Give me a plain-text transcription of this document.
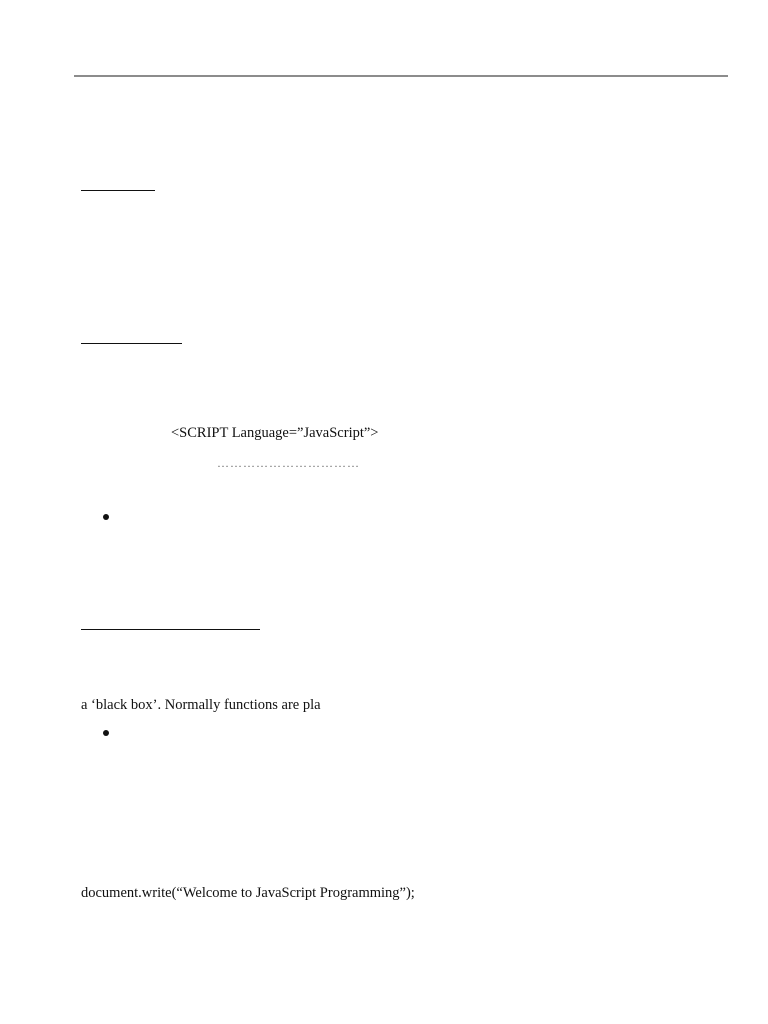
<SCRIPT Language=”JavaScript”>
……………………………
a ‘black box’. Normally functions are pla
document.write(“Welcome to JavaScript Programming”);
